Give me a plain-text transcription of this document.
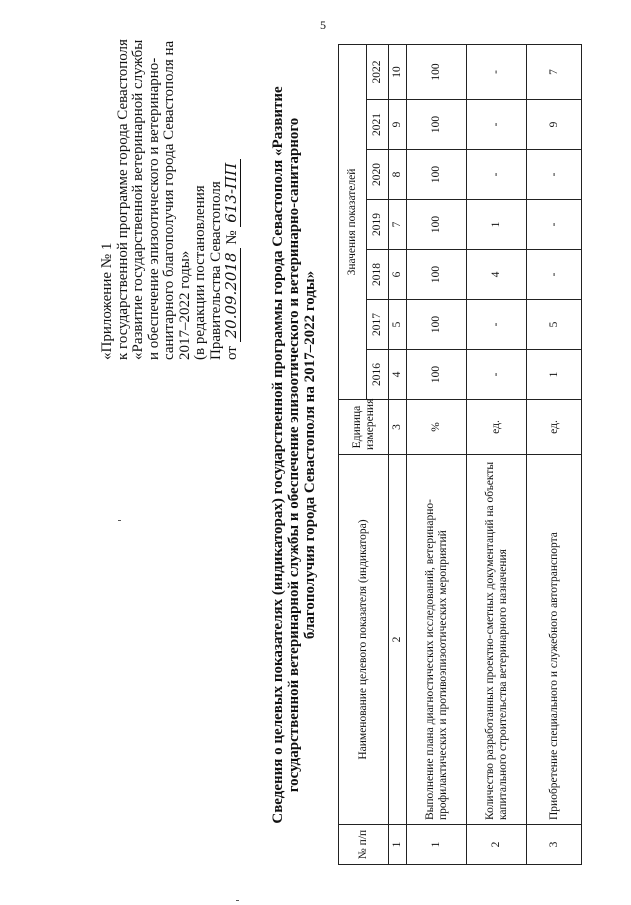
5
«Приложение № 1 к государственной программе города Севастополя «Развитие государственной ветеринарной службы и обеспечение эпизоотического и ветеринарно- санитарного благополучия города Севастополя на 2017–2022 годы» (в редакции постановления Правительства Севастополя от 20.09.2018 № 613-ПП Сведения о целевых показателях (индикаторах) государственной программы города Севастополя «Развитие государственной ветеринарной службы и обеспечение эпизоотического и ветеринарно-санитарного благополучия города Севастополя на 2017–2022 годы»
№ п/п	Наименование целевого показателя (индикатора)	Единица измерения	Значения показателей						
			2016	2017	2018	2019	2020	2021	2022
1	2	3	4	5	6	7	8	9	10
1	Выполнение плана диагностических исследований, ветеринарно-профилактических и противоэпизоотических мероприятий	%	100	100	100	100	100	100	100
2	Количество разработанных проектно-сметных документаций на объекты капитального строительства ветеринарного назначения	ед.	-	-	4	1	-	-	-
3	Приобретение специального и служебного автотранспорта	ед.	1	5	-	-	-	9	7
